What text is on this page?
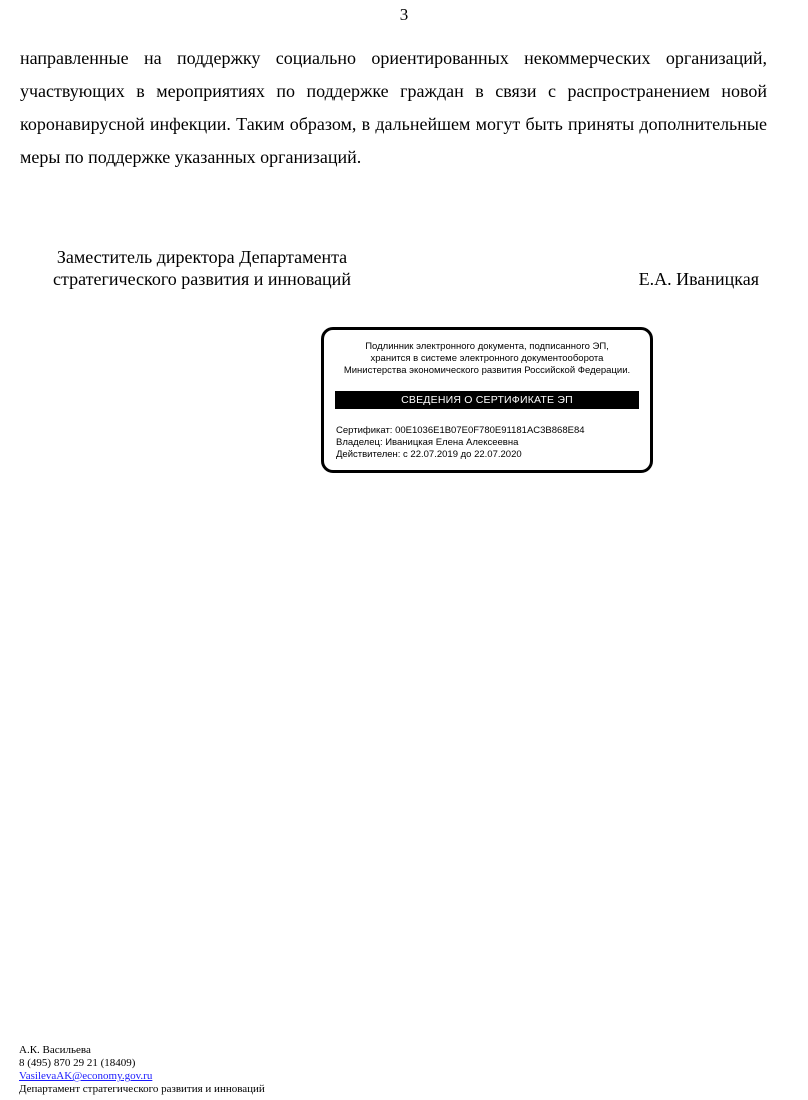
3

направленные на поддержку социально ориентированных некоммерческих организаций, участвующих в мероприятиях по поддержке граждан в связи с распространением новой коронавирусной инфекции. Таким образом, в дальнейшем могут быть приняты дополнительные меры по поддержке указанных организаций.

Заместитель директора Департамента
стратегического развития и инноваций	Е.А. Иваницкая
Подлинник электронного документа, подписанного ЭП,
хранится в системе электронного документооборота
Министерства экономического развития Российской Федерации.
СВЕДЕНИЯ О СЕРТИФИКАТЕ ЭП
Сертификат: 00E1036E1B07E0F780E91181AC3B868E84
Владелец: Иваницкая Елена Алексеевна
Действителен: с 22.07.2019 до 22.07.2020
А.К. Васильева
8 (495) 870 29 21 (18409)
VasilevaAK@economy.gov.ru
Департамент стратегического развития и инноваций
